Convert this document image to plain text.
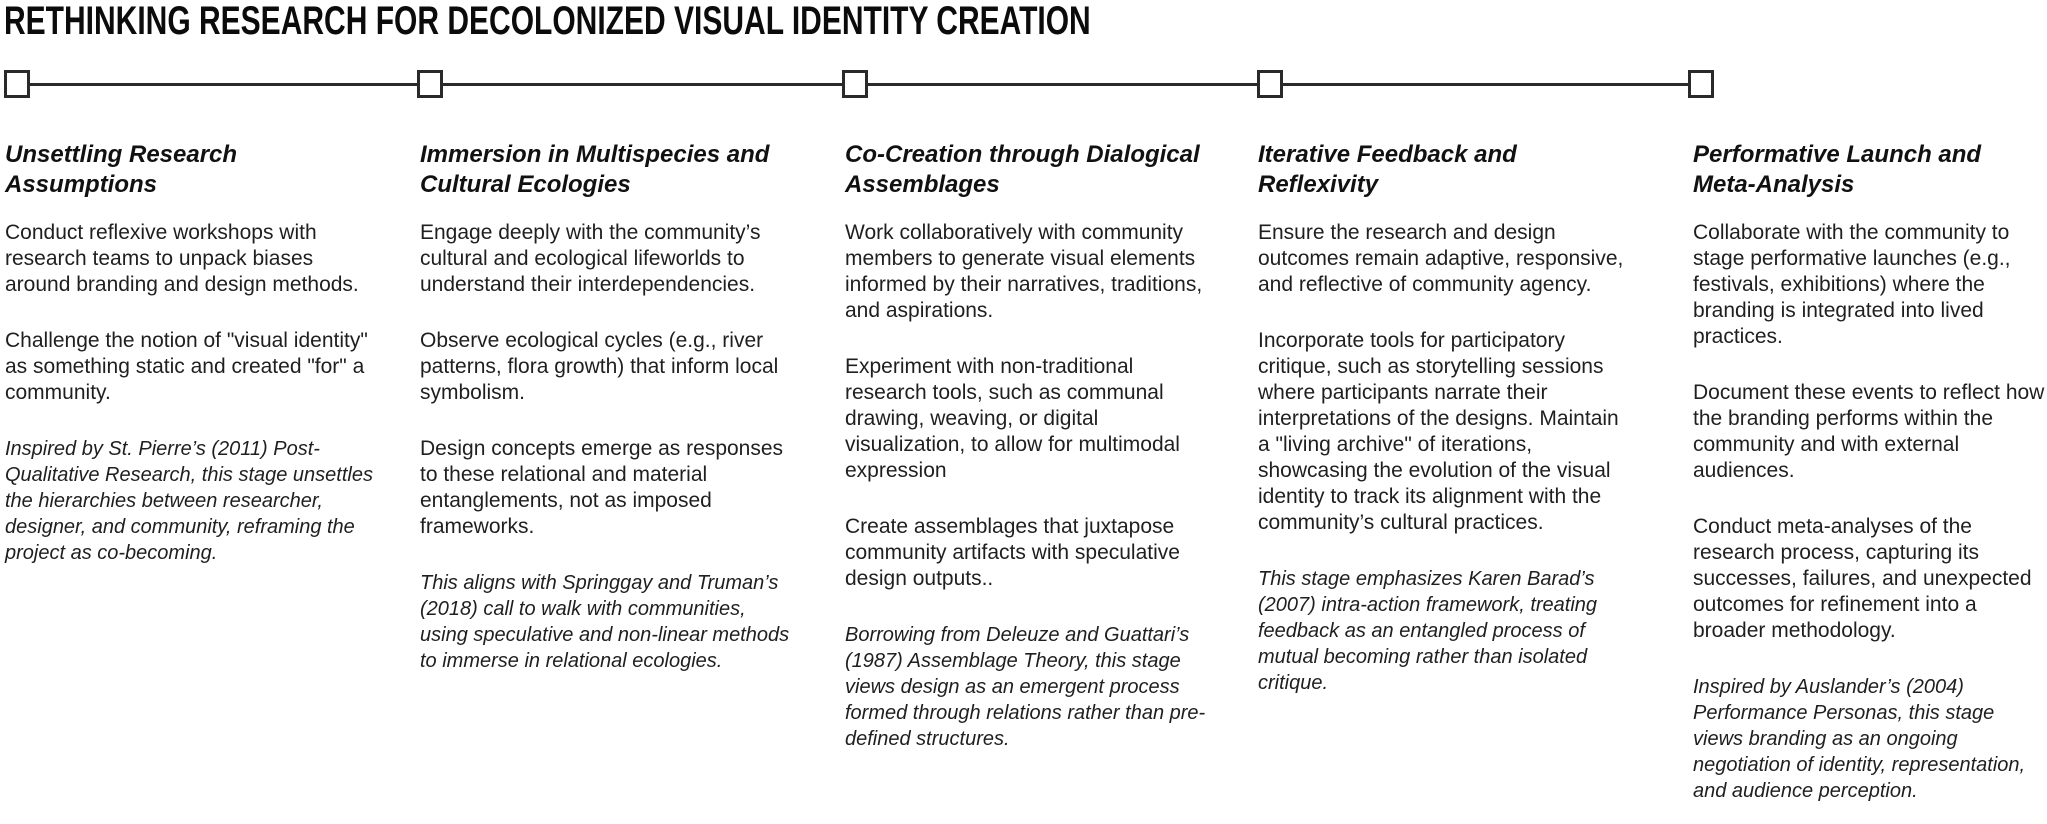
RETHINKING RESEARCH FOR DECOLONIZED VISUAL IDENTITY CREATION
Unsettling Research Assumptions

Conduct reflexive workshops with research teams to unpack biases around branding and design methods.

Challenge the notion of "visual identity" as something static and created "for" a community.

Inspired by St. Pierre’s (2011) Post-Qualitative Research, this stage unsettles the hierarchies between researcher, designer, and community, reframing the project as co-becoming.

Immersion in Multispecies and Cultural Ecologies

Engage deeply with the community’s cultural and ecological lifeworlds to understand their interdependencies.

Observe ecological cycles (e.g., river patterns, flora growth) that inform local symbolism.

Design concepts emerge as responses to these relational and material entanglements, not as imposed frameworks.

This aligns with Springgay and Truman’s (2018) call to walk with communities, using speculative and non-linear methods to immerse in relational ecologies.

Co-Creation through Dialogical Assemblages

Work collaboratively with community members to generate visual elements informed by their narratives, traditions, and aspirations.

Experiment with non-traditional research tools, such as communal drawing, weaving, or digital visualization, to allow for multimodal expression

Create assemblages that juxtapose community artifacts with speculative design outputs..

Borrowing from Deleuze and Guattari’s (1987) Assemblage Theory, this stage views design as an emergent process formed through relations rather than pre-defined structures.

Iterative Feedback and Reflexivity

Ensure the research and design outcomes remain adaptive, responsive, and reflective of community agency.

Incorporate tools for participatory critique, such as storytelling sessions where participants narrate their interpretations of the designs. Maintain a "living archive" of iterations, showcasing the evolution of the visual identity to track its alignment with the community’s cultural practices.

This stage emphasizes Karen Barad’s (2007) intra-action framework, treating feedback as an entangled process of mutual becoming rather than isolated critique.

Performative Launch and Meta-Analysis

Collaborate with the community to stage performative launches (e.g., festivals, exhibitions) where the branding is integrated into lived practices.

Document these events to reflect how the branding performs within the community and with external audiences.

Conduct meta-analyses of the research process, capturing its successes, failures, and unexpected outcomes for refinement into a broader methodology.

Inspired by Auslander’s (2004) Performance Personas, this stage views branding as an ongoing negotiation of identity, representation, and audience perception.
